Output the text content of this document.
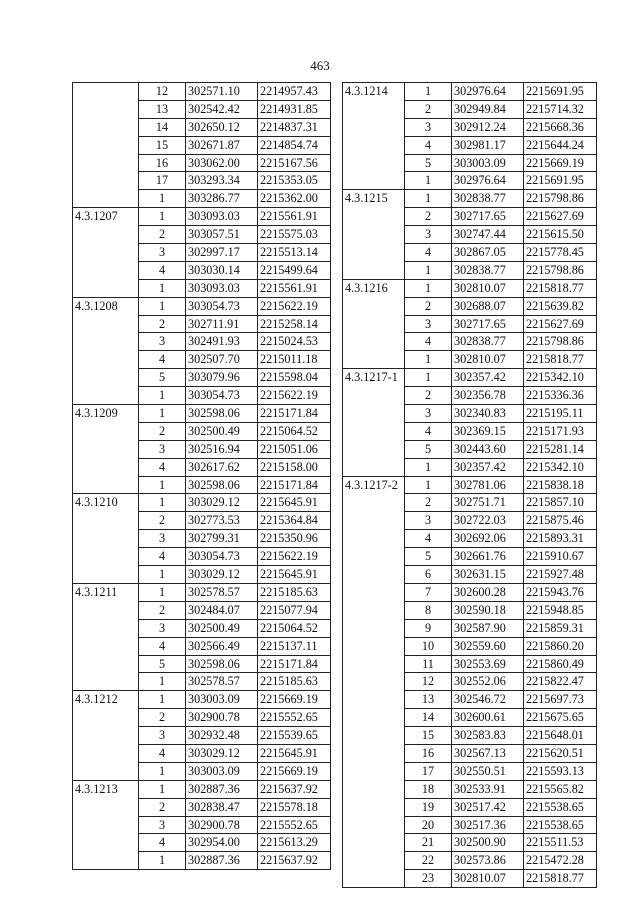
463
	12	302571.10	2214957.43
	13	302542.42	2214931.85
	14	302650.12	2214837.31
	15	302671.87	2214854.74
	16	303062.00	2215167.56
	17	303293.34	2215353.05
	1	303286.77	2215362.00
4.3.1207	1	303093.03	2215561.91
	2	303057.51	2215575.03
	3	302997.17	2215513.14
	4	303030.14	2215499.64
	1	303093.03	2215561.91
4.3.1208	1	303054.73	2215622.19
	2	302711.91	2215258.14
	3	302491.93	2215024.53
	4	302507.70	2215011.18
	5	303079.96	2215598.04
	1	303054.73	2215622.19
4.3.1209	1	302598.06	2215171.84
	2	302500.49	2215064.52
	3	302516.94	2215051.06
	4	302617.62	2215158.00
	1	302598.06	2215171.84
4.3.1210	1	303029.12	2215645.91
	2	302773.53	2215364.84
	3	302799.31	2215350.96
	4	303054.73	2215622.19
	1	303029.12	2215645.91
4.3.1211	1	302578.57	2215185.63
	2	302484.07	2215077.94
	3	302500.49	2215064.52
	4	302566.49	2215137.11
	5	302598.06	2215171.84
	1	302578.57	2215185.63
4.3.1212	1	303003.09	2215669.19
	2	302900.78	2215552.65
	3	302932.48	2215539.65
	4	303029.12	2215645.91
	1	303003.09	2215669.19
4.3.1213	1	302887.36	2215637.92
	2	302838.47	2215578.18
	3	302900.78	2215552.65
	4	302954.00	2215613.29
	1	302887.36	2215637.92
4.3.1214	1	302976.64	2215691.95
	2	302949.84	2215714.32
	3	302912.24	2215668.36
	4	302981.17	2215644.24
	5	303003.09	2215669.19
	1	302976.64	2215691.95
4.3.1215	1	302838.77	2215798.86
	2	302717.65	2215627.69
	3	302747.44	2215615.50
	4	302867.05	2215778.45
	1	302838.77	2215798.86
4.3.1216	1	302810.07	2215818.77
	2	302688.07	2215639.82
	3	302717.65	2215627.69
	4	302838.77	2215798.86
	1	302810.07	2215818.77
4.3.1217-1	1	302357.42	2215342.10
	2	302356.78	2215336.36
	3	302340.83	2215195.11
	4	302369.15	2215171.93
	5	302443.60	2215281.14
	1	302357.42	2215342.10
4.3.1217-2	1	302781.06	2215838.18
	2	302751.71	2215857.10
	3	302722.03	2215875.46
	4	302692.06	2215893.31
	5	302661.76	2215910.67
	6	302631.15	2215927.48
	7	302600.28	2215943.76
	8	302590.18	2215948.85
	9	302587.90	2215859.31
	10	302559.60	2215860.20
	11	302553.69	2215860.49
	12	302552.06	2215822.47
	13	302546.72	2215697.73
	14	302600.61	2215675.65
	15	302583.83	2215648.01
	16	302567.13	2215620.51
	17	302550.51	2215593.13
	18	302533.91	2215565.82
	19	302517.42	2215538.65
	20	302517.36	2215538.65
	21	302500.90	2215511.53
	22	302573.86	2215472.28
	23	302810.07	2215818.77
